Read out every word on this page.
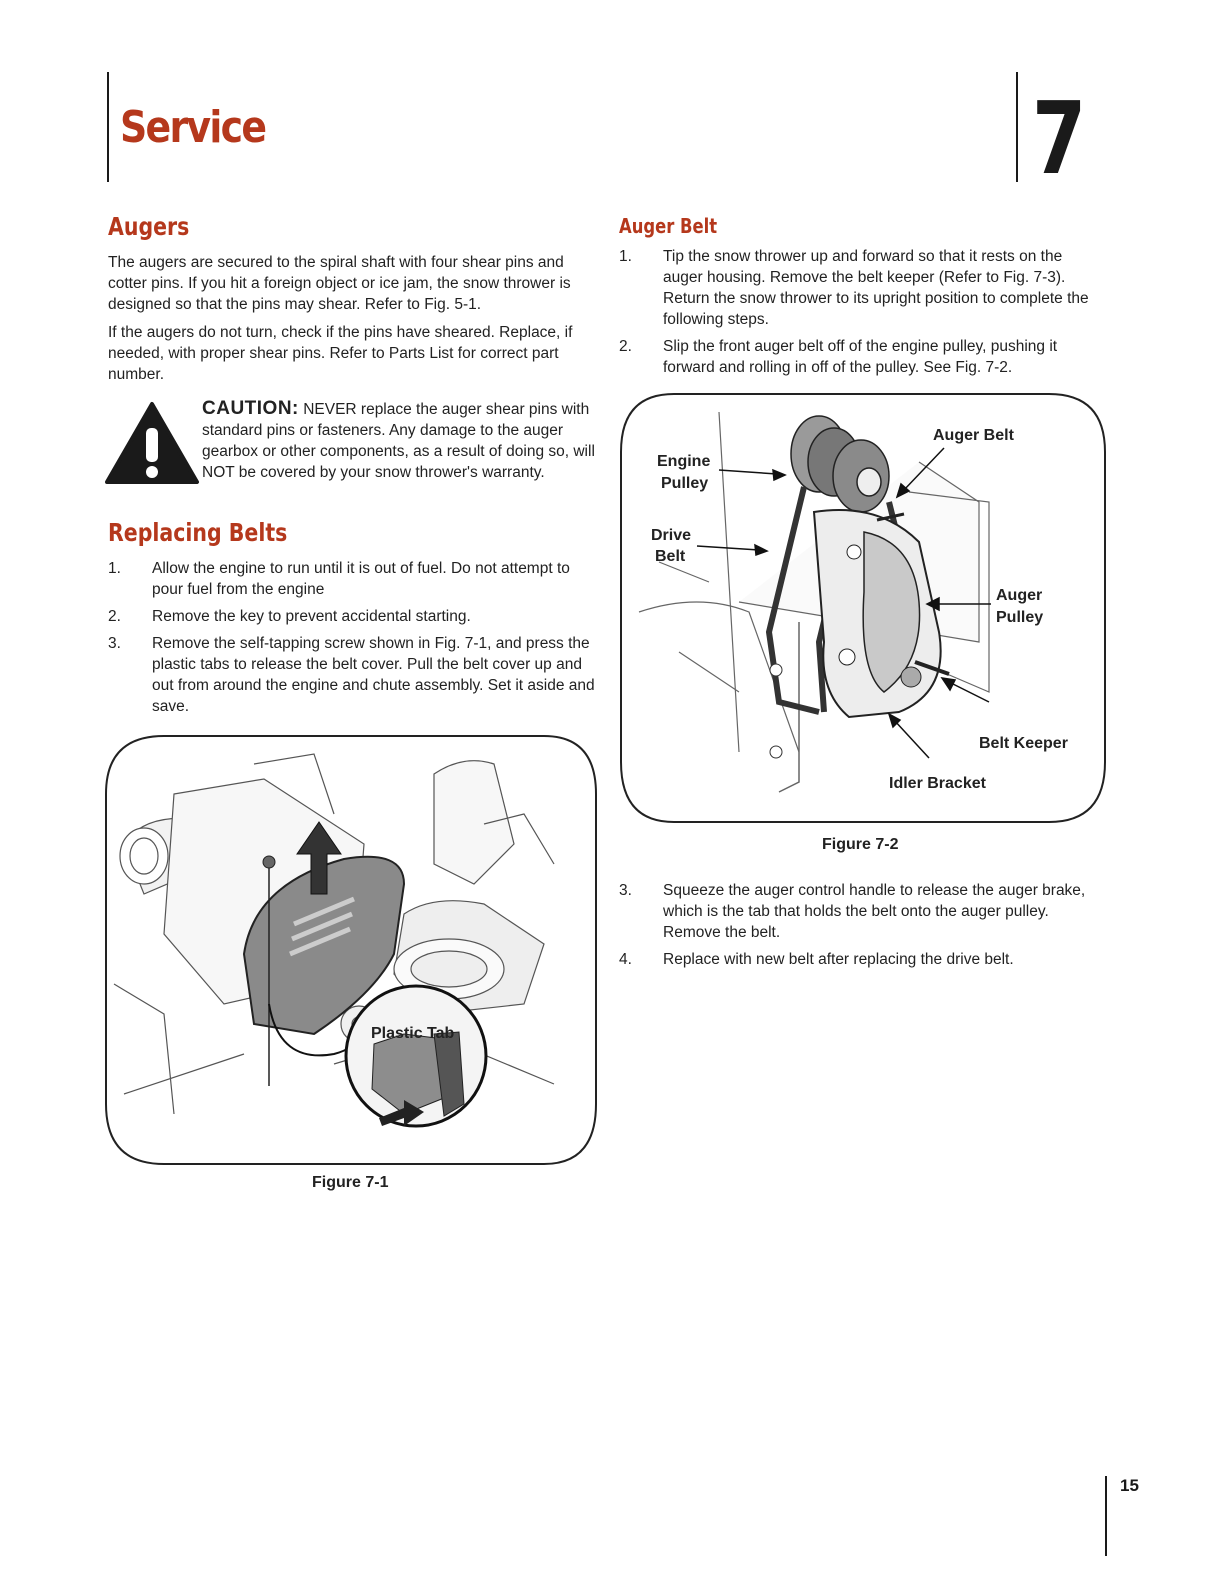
Service	7
Augers

The augers are secured to the spiral shaft with four shear pins and cotter pins. If you hit a foreign object or ice jam, the snow thrower is designed so that the pins may shear. Refer to Fig. 5-1.

If the augers do not turn, check if the pins have sheared. Replace, if needed, with proper shear pins. Refer to Parts List for correct part number.

CAUTION: NEVER replace the auger shear pins with standard pins or fasteners. Any damage to the auger gearbox or other components, as a result of doing so, will NOT be covered by your snow thrower's warranty.

Replacing Belts
1. Allow the engine to run until it is out of fuel. Do not attempt to pour fuel from the engine
2. Remove the key to prevent accidental starting.
3. Remove the self-tapping screw shown in Fig. 7-1, and press the plastic tabs to release the belt cover. Pull the belt cover up and out from around the engine and chute assembly. Set it aside and save.
Plastic Tab

Figure 7-1

Auger Belt
1. Tip the snow thrower up and forward so that it rests on the auger housing. Remove the belt keeper (Refer to Fig. 7-3). Return the snow thrower to its upright position to complete the following steps.
2. Slip the front auger belt off of the engine pulley, pushing it forward and rolling in off of the pulley. See Fig. 7-2.
Engine
Pulley
Drive
Belt
Auger Belt
Auger
Pulley
Belt Keeper
Idler Bracket

Figure 7-2

3. Squeeze the auger control handle to release the auger brake, which is the tab that holds the belt onto the auger pulley. Remove the belt.
4. Replace with new belt after replacing the drive belt.

15
